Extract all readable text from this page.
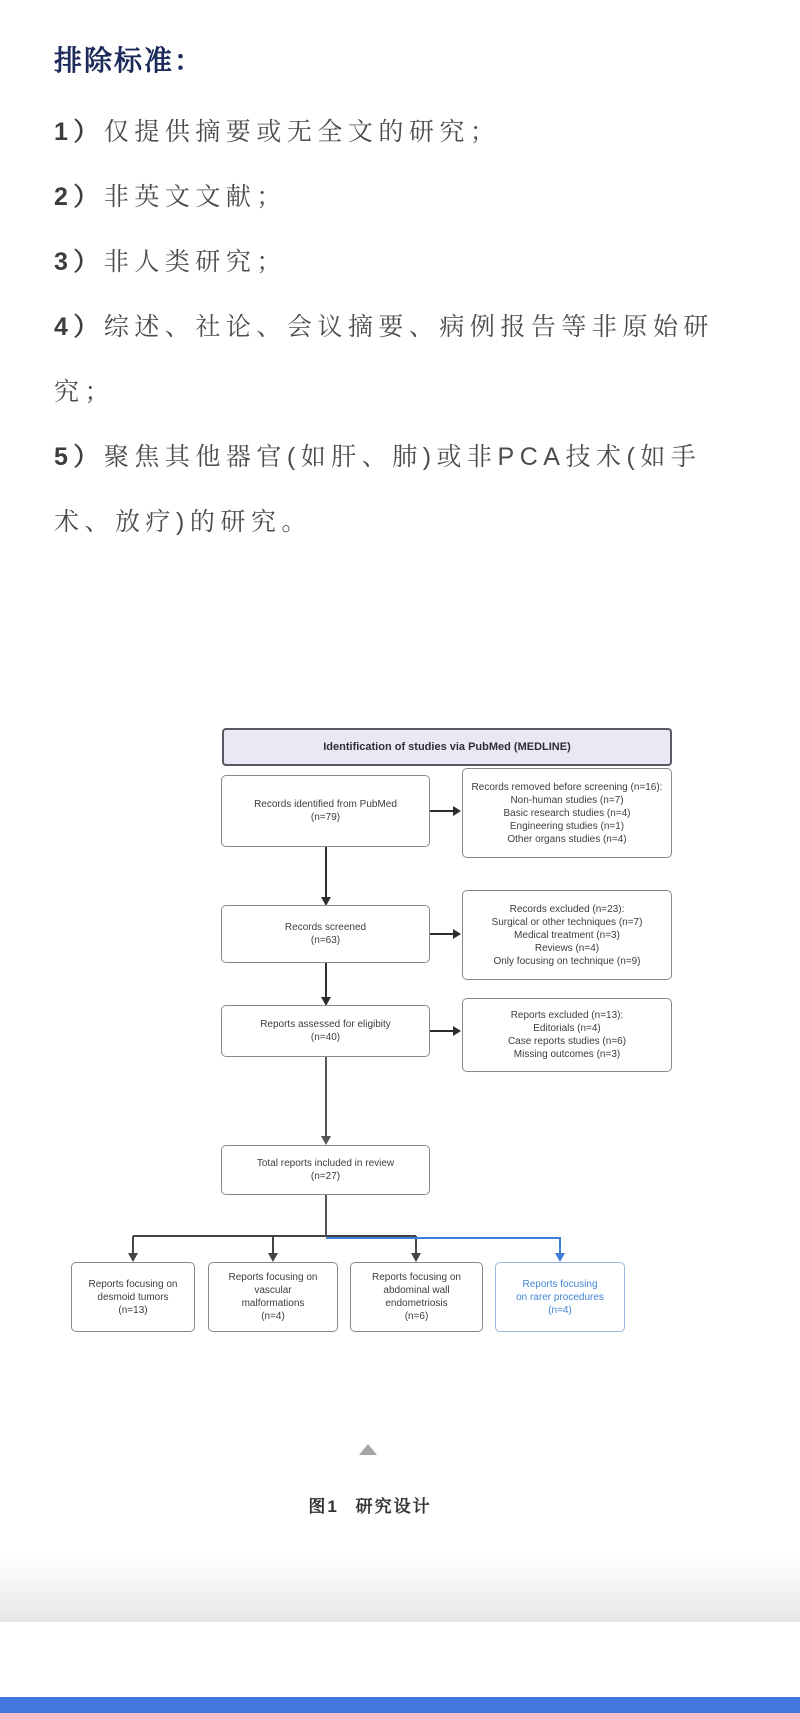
排除标准：

1）仅提供摘要或无全文的研究；

2）非英文文献；

3）非人类研究；

4）综述、社论、会议摘要、病例报告等非原始研究；

5）聚焦其他器官(如肝、肺)或非PCA技术(如手术、放疗)的研究。

Identification of studies via PubMed (MEDLINE)
Records identified from PubMed
(n=79)
Records removed before screening (n=16):
Non-human studies (n=7)
Basic research studies (n=4)
Engineering studies (n=1)
Other organs studies (n=4)
Records screened
(n=63)
Records excluded (n=23):
Surgical or other techniques (n=7)
Medical treatment (n=3)
Reviews (n=4)
Only focusing on technique (n=9)
Reports assessed for eligibity
(n=40)
Reports excluded (n=13):
Editorials (n=4)
Case reports studies (n=6)
Missing outcomes (n=3)
Total reports included in review
(n=27)
Reports focusing on
desmoid tumors
(n=13)
Reports focusing on
vascular
malformations
(n=4)
Reports focusing on
abdominal wall
endometriosis
(n=6)
Reports focusing
on rarer procedures
(n=4)
图1 研究设计
